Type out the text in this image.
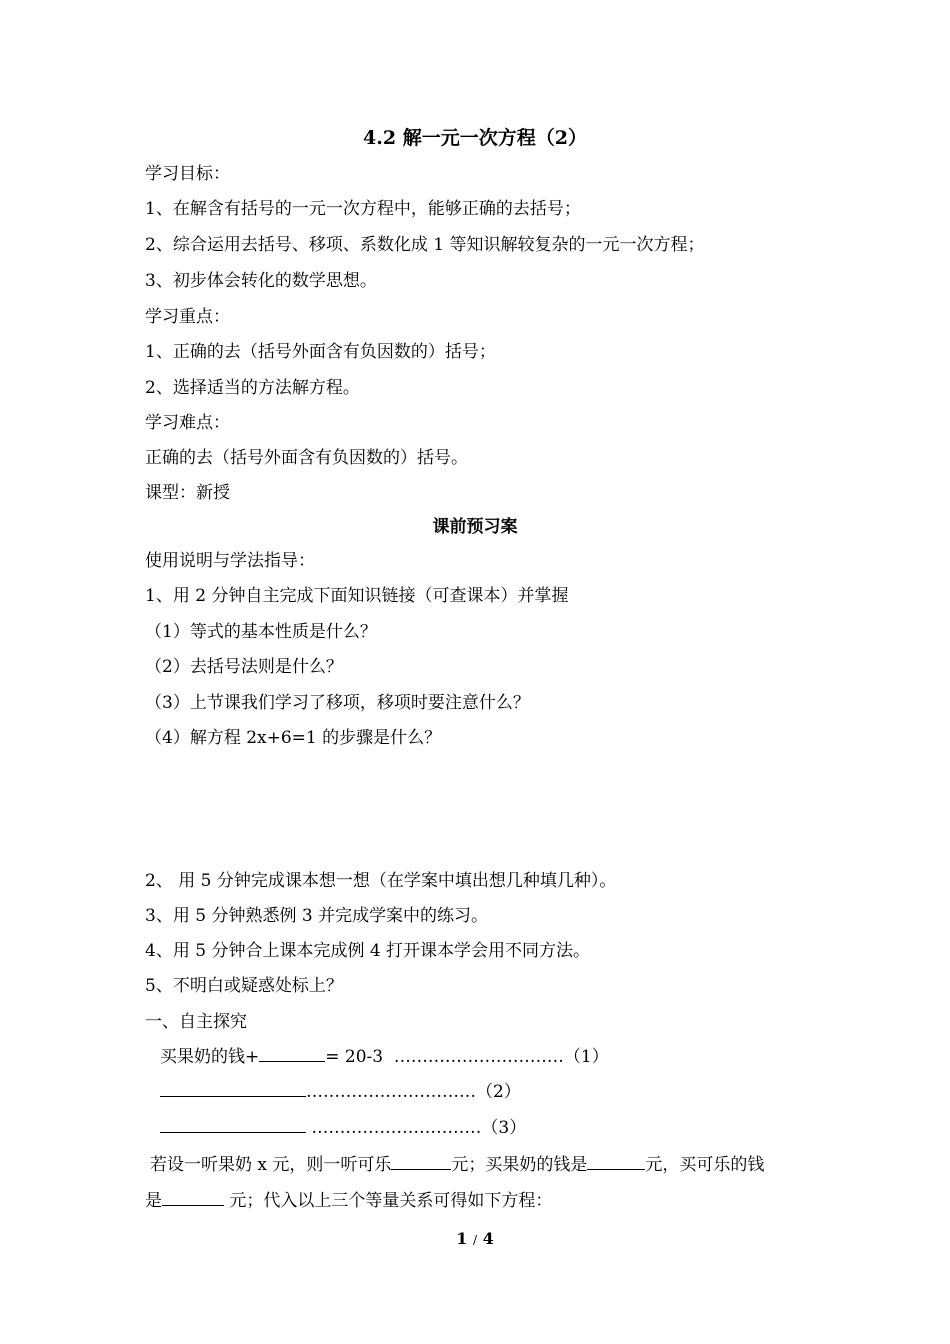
4.2 解一元一次方程（2）
学习目标：
1、在解含有括号的一元一次方程中，能够正确的去括号；
2、综合运用去括号、移项、系数化成 1 等知识解较复杂的一元一次方程；
3、初步体会转化的数学思想。
学习重点：
1、正确的去（括号外面含有负因数的）括号；
2、选择适当的方法解方程。
学习难点：
正确的去（括号外面含有负因数的）括号。
课型：新授
课前预习案
使用说明与学法指导：
1、用 2 分钟自主完成下面知识链接（可查课本）并掌握
（1）等式的基本性质是什么？
（2）去括号法则是什么？
（3）上节课我们学习了移项，移项时要注意什么？
（4）解方程 2x+6=1 的步骤是什么？
2、 用 5 分钟完成课本想一想（在学案中填出想几种填几种）。
3、用 5 分钟熟悉例 3 并完成学案中的练习。
4、用 5 分钟合上课本完成例 4 打开课本学会用不同方法。
5、不明白或疑惑处标上？
一、自主探究
买果奶的钱+	= 20-3 …………………………（1）
…………………………（2）
…………………………（3）
若设一听果奶 x 元，则一听可乐	元；买果奶的钱是	元，买可乐的钱
是	元；代入以上三个等量关系可得如下方程：
1 / 4
